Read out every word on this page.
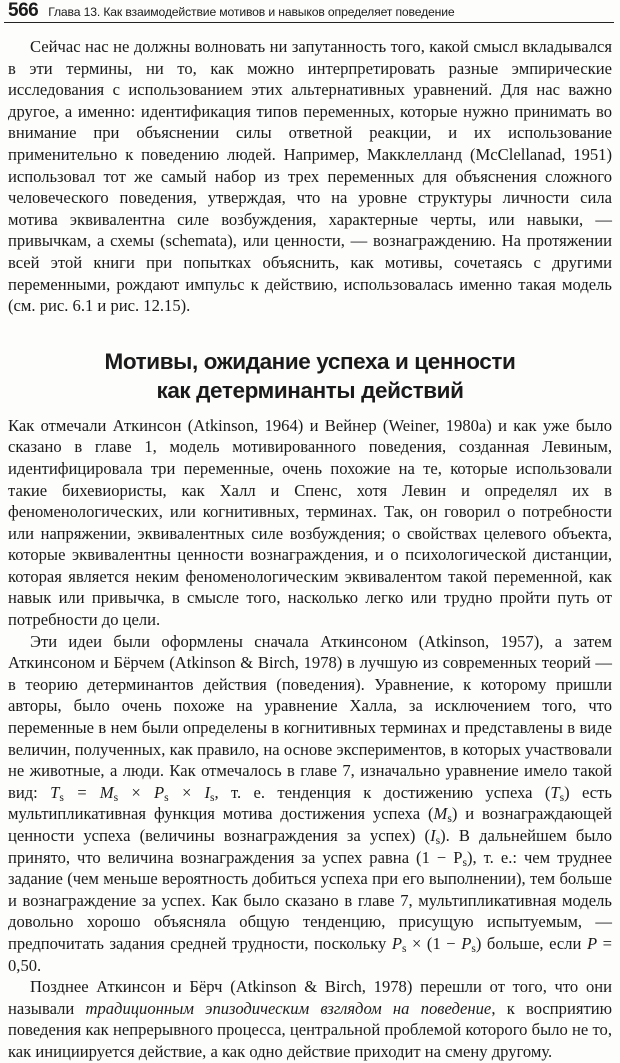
566 Глава 13. Как взаимодействие мотивов и навыков определяет поведение

Сейчас нас не должны волновать ни запутанность того, какой смысл вкладывался в эти термины, ни то, как можно интерпретировать разные эмпирические исследования с использованием этих альтернативных уравнений. Для нас важно другое, а именно: идентификация типов переменных, которые нужно принимать во внимание при объяснении силы ответной реакции, и их использование применительно к поведению людей. Например, Макклелланд (McClellanad, 1951) использовал тот же самый набор из трех переменных для объяснения сложного человеческого поведения, утверждая, что на уровне структуры личности сила мотива эквивалентна силе возбуждения, характерные черты, или навыки, — привычкам, а схемы (schemata), или ценности, — вознаграждению. На протяжении всей этой книги при попытках объяснить, как мотивы, сочетаясь с другими переменными, рождают импульс к действию, использовалась именно такая модель (см. рис. 6.1 и рис. 12.15).

Мотивы, ожидание успеха и ценности
как детерминанты действий

Как отмечали Аткинсон (Atkinson, 1964) и Вейнер (Weiner, 1980а) и как уже было сказано в главе 1, модель мотивированного поведения, созданная Левиным, идентифицировала три переменные, очень похожие на те, которые использовали такие бихевиористы, как Халл и Спенс, хотя Левин и определял их в феноменологических, или когнитивных, терминах. Так, он говорил о потребности или напряжении, эквивалентных силе возбуждения; о свойствах целевого объекта, которые эквивалентны ценности вознаграждения, и о психологической дистанции, которая является неким феноменологическим эквивалентом такой переменной, как навык или привычка, в смысле того, насколько легко или трудно пройти путь от потребности до цели.

Эти идеи были оформлены сначала Аткинсоном (Atkinson, 1957), а затем Аткинсоном и Бёрчем (Atkinson & Birch, 1978) в лучшую из современных теорий — в теорию детерминантов действия (поведения). Уравнение, к которому пришли авторы, было очень похоже на уравнение Халла, за исключением того, что переменные в нем были определены в когнитивных терминах и представлены в виде величин, полученных, как правило, на основе экспериментов, в которых участвовали не животные, а люди. Как отмечалось в главе 7, изначально уравнение имело такой вид: $T_s = M_s \times P_s \times I_s$, т. е. тенденция к достижению успеха $(T_s)$ есть мультипликативная функция мотива достижения успеха $(M_s)$ и вознаграждающей ценности успеха (величины вознаграждения за успех) $(I_s)$. В дальнейшем было принято, что величина вознаграждения за успех равна $(1 - P_s)$, т. е.: чем труднее задание (чем меньше вероятность добиться успеха при его выполнении), тем больше и вознаграждение за успех. Как было сказано в главе 7, мультипликативная модель довольно хорошо объясняла общую тенденцию, присущую испытуемым, — предпочитать задания средней трудности, поскольку $P_s \times (1 - P_s)$ больше, если P = 0,50.

Позднее Аткинсон и Бёрч (Atkinson & Birch, 1978) перешли от того, что они называли традиционным эпизодическим взглядом на поведение, к восприятию поведения как непрерывного процесса, центральной проблемой которого было не то, как инициируется действие, а как одно действие приходит на смену другому.
